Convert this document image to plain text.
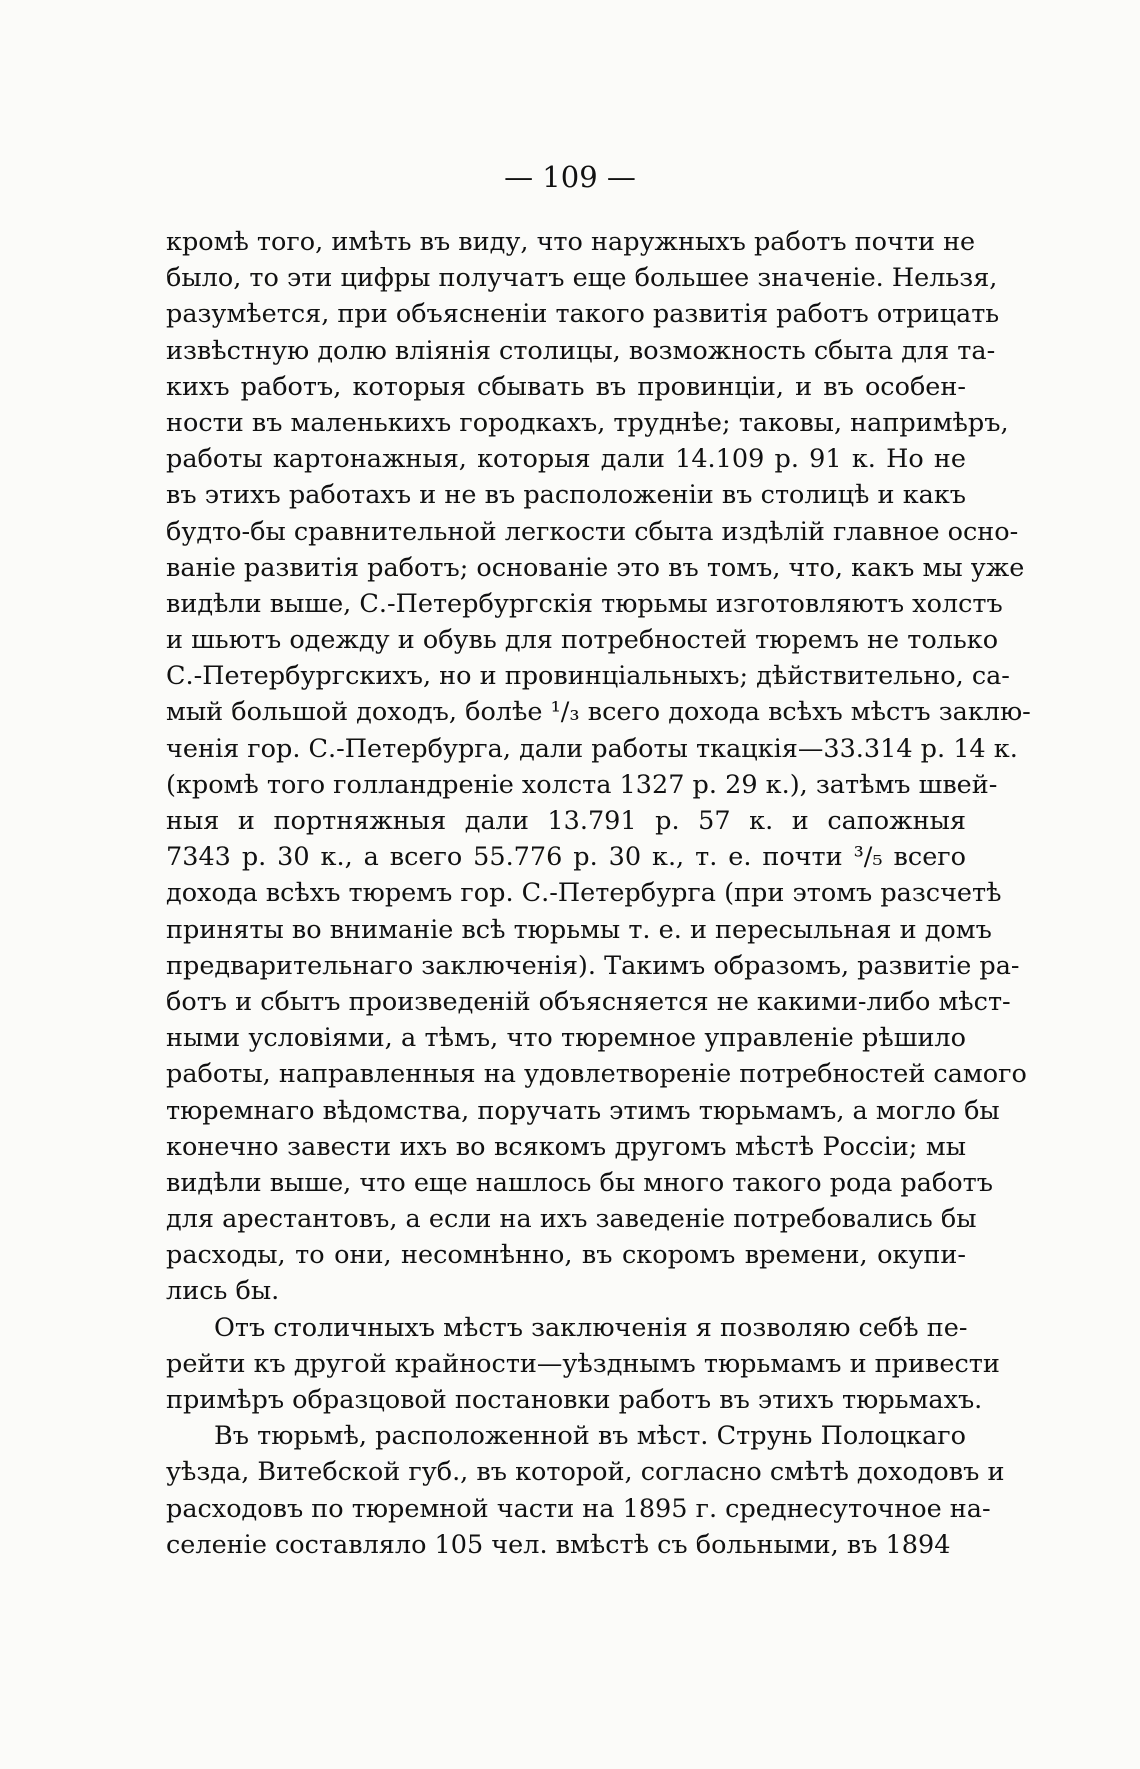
— 109 —
кромѣ того, имѣть въ виду, что наружныхъ работъ почти не
было, то эти цифры получатъ еще большее значеніе. Нельзя,
разумѣется, при объясненіи такого развитія работъ отрицать
извѣстную долю вліянія столицы, возможность сбыта для та-
кихъ работъ, которыя сбывать въ провинціи, и въ особен-
ности въ маленькихъ городкахъ, труднѣе; таковы, напримѣръ,
работы картонажныя, которыя дали 14.109 р. 91 к. Но не
въ этихъ работахъ и не въ расположеніи въ столицѣ и какъ
будто-бы сравнительной легкости сбыта издѣлій главное осно-
ваніе развитія работъ; основаніе это въ томъ, что, какъ мы уже
видѣли выше, С.-Петербургскія тюрьмы изготовляютъ холстъ
и шьютъ одежду и обувь для потребностей тюремъ не только
С.-Петербургскихъ, но и провинціальныхъ; дѣйствительно, са-
мый большой доходъ, болѣе ¹/₃ всего дохода всѣхъ мѣстъ заклю-
ченія гор. С.-Петербурга, дали работы ткацкія—33.314 р. 14 к.
(кромѣ того голландреніе холста 1327 р. 29 к.), затѣмъ швей-
ныя и портняжныя дали 13.791 р. 57 к. и сапожныя
7343 р. 30 к., а всего 55.776 р. 30 к., т. е. почти ³/₅ всего
дохода всѣхъ тюремъ гор. С.-Петербурга (при этомъ разсчетѣ
приняты во вниманіе всѣ тюрьмы т. е. и пересыльная и домъ
предварительнаго заключенія). Такимъ образомъ, развитіе ра-
ботъ и сбытъ произведеній объясняется не какими-либо мѣст-
ными условіями, а тѣмъ, что тюремное управленіе рѣшило
работы, направленныя на удовлетвореніе потребностей самого
тюремнаго вѣдомства, поручать этимъ тюрьмамъ, а могло бы
конечно завести ихъ во всякомъ другомъ мѣстѣ Россіи; мы
видѣли выше, что еще нашлось бы много такого рода работъ
для арестантовъ, а если на ихъ заведеніе потребовались бы
расходы, то они, несомнѣнно, въ скоромъ времени, окупи-
лись бы.
Отъ столичныхъ мѣстъ заключенія я позволяю себѣ пе-
рейти къ другой крайности—уѣзднымъ тюрьмамъ и привести
примѣръ образцовой постановки работъ въ этихъ тюрьмахъ.
Въ тюрьмѣ, расположенной въ мѣст. Струнь Полоцкаго
уѣзда, Витебской губ., въ которой, согласно смѣтѣ доходовъ и
расходовъ по тюремной части на 1895 г. среднесуточное на-
селеніе составляло 105 чел. вмѣстѣ съ больными, въ 1894
